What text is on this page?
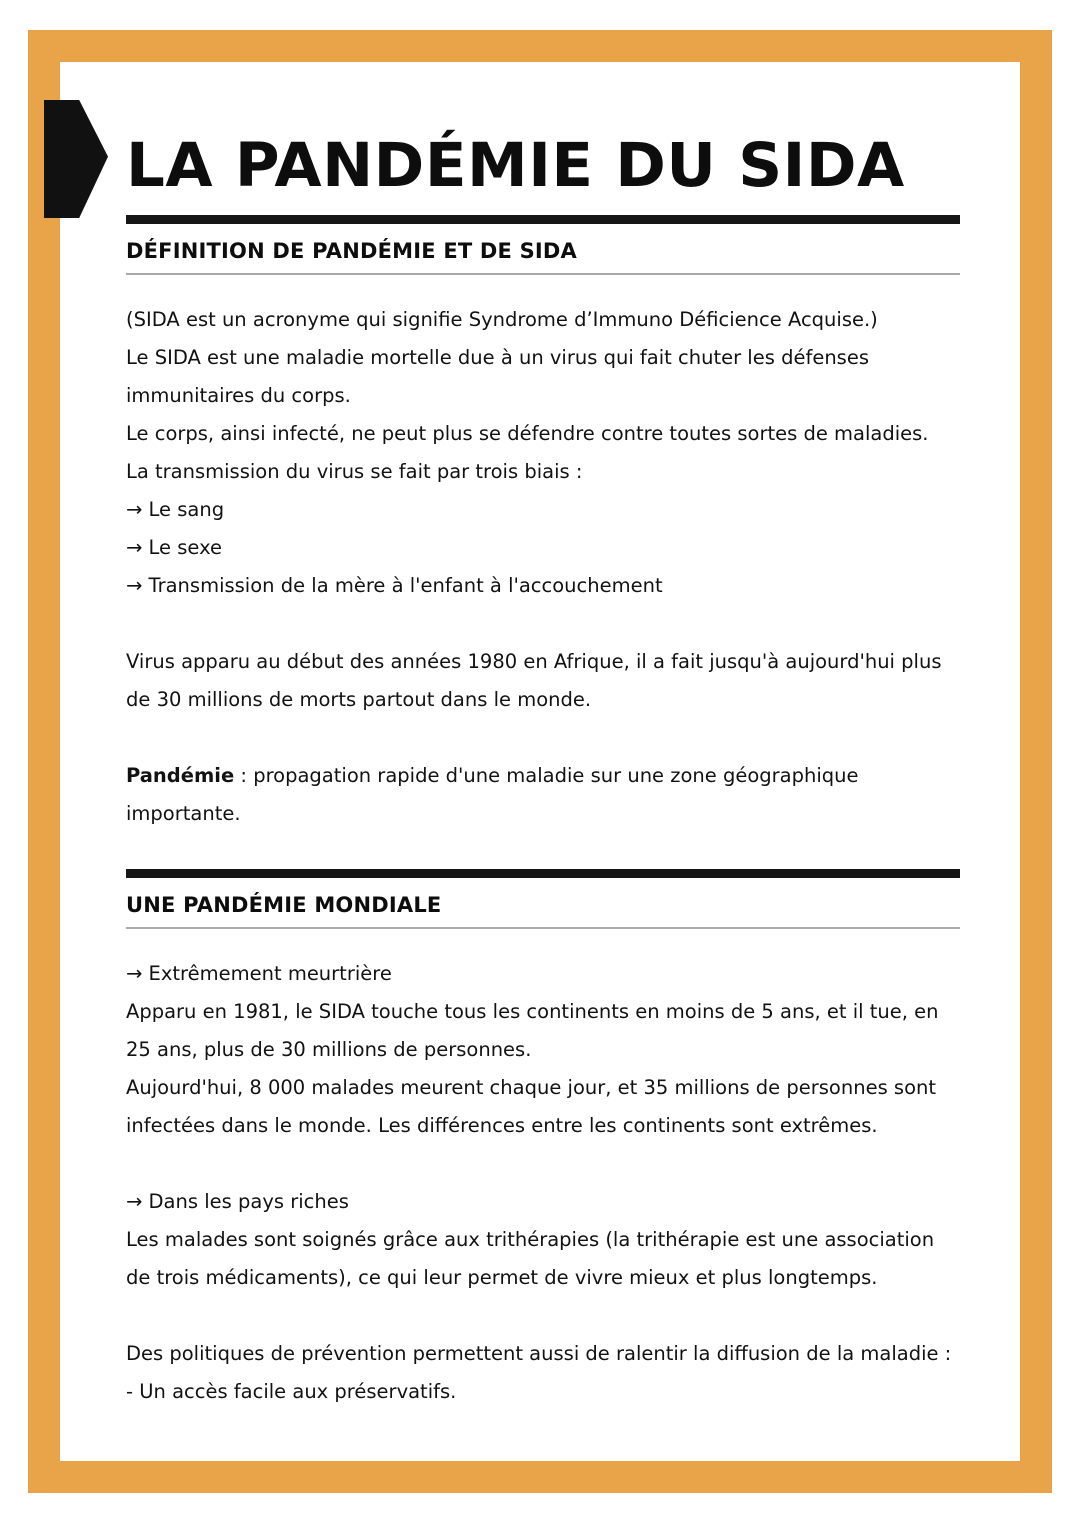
LA PANDÉMIE DU SIDA
DÉFINITION DE PANDÉMIE ET DE SIDA

(SIDA est un acronyme qui signifie Syndrome d’Immuno Déficience Acquise.)

Le SIDA est une maladie mortelle due à un virus qui fait chuter les défenses immunitaires du corps.

Le corps, ainsi infecté, ne peut plus se défendre contre toutes sortes de maladies.

La transmission du virus se fait par trois biais :

→ Le sang

→ Le sexe

→ Transmission de la mère à l'enfant à l'accouchement

Virus apparu au début des années 1980 en Afrique, il a fait jusqu'à aujourd'hui plus de 30 millions de morts partout dans le monde.

Pandémie : propagation rapide d'une maladie sur une zone géographique importante.

UNE PANDÉMIE MONDIALE

→ Extrêmement meurtrière

Apparu en 1981, le SIDA touche tous les continents en moins de 5 ans, et il tue, en 25 ans, plus de 30 millions de personnes.

Aujourd'hui, 8 000 malades meurent chaque jour, et 35 millions de personnes sont infectées dans le monde. Les différences entre les continents sont extrêmes.

→ Dans les pays riches

Les malades sont soignés grâce aux trithérapies (la trithérapie est une association de trois médicaments), ce qui leur permet de vivre mieux et plus longtemps.

Des politiques de prévention permettent aussi de ralentir la diffusion de la maladie :

- Un accès facile aux préservatifs.
